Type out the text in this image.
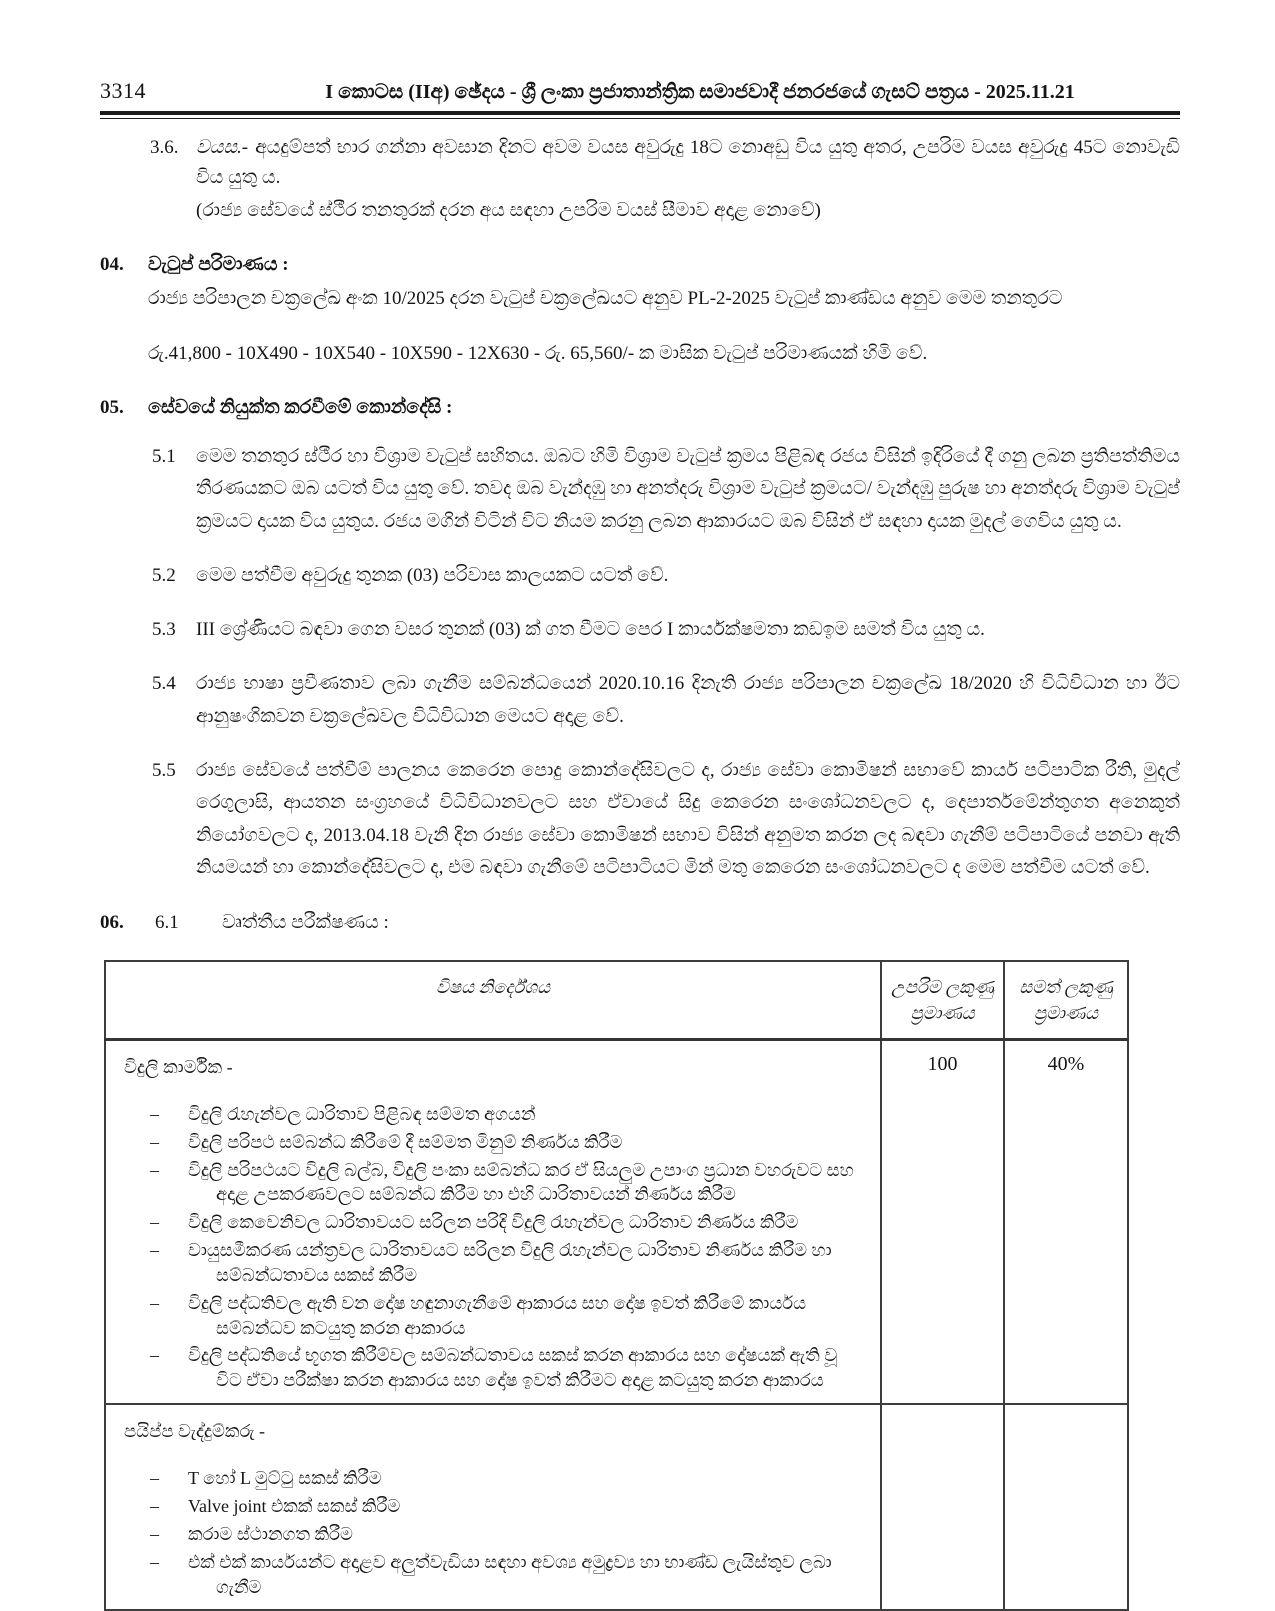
3314	I කොටස (IIඅ) ඡේදය - ශ්‍රී ලංකා ප්‍රජාතාන්ත්‍රික සමාජවාදී ජනරජයේ ගැසට් පත්‍රය - 2025.11.21
3.6. වයස.- අයදුම්පත් භාර ගන්නා අවසාන දිනට අවම වයස අවුරුදු 18ට නොඅඩු විය යුතු අතර, උපරිම වයස අවුරුදු 45ට නොවැඩි විය යුතු ය.
(රාජ්‍ය සේවයේ ස්ථීර තනතුරක් දරන අය සඳහා උපරිම වයස් සීමාව අදාළ නොවේ)
04.	වැටුප් පරිමාණය :
රාජ්‍ය පරිපාලන චක්‍රලේඛ අංක 10/2025 දරන වැටුප් චක්‍රලේඛයට අනුව PL-2-2025 වැටුප් කාණ්ඩය අනුව මෙම තනතුරට
රු.41,800 - 10X490 - 10X540 - 10X590 - 12X630 - රු. 65,560/- ක මාසික වැටුප් පරිමාණයක් හිමි වේ.
05.	සේවයේ නියුක්ත කරවීමේ කොන්දේසි :
5.1	මෙම තනතුර ස්ථීර හා විශ්‍රාම වැටුප් සහිතය. ඔබට හිමි විශ්‍රාම වැටුප් ක්‍රමය පිළිබඳ රජය විසින් ඉදිරියේ දී ගනු ලබන ප්‍රතිපත්තිමය තීරණයකට ඔබ යටත් විය යුතු වේ. තවද ඔබ වැන්දඹු හා අනත්දරු විශ්‍රාම වැටුප් ක්‍රමයට/ වැන්දඹු පුරුෂ හා අනත්දරු විශ්‍රාම වැටුප් ක්‍රමයට දායක විය යුතුය. රජය මගින් විටින් විට නියම කරනු ලබන ආකාරයට ඔබ විසින් ඒ සඳහා දායක මුදල් ගෙවිය යුතු ය.
5.2	මෙම පත්වීම අවුරුදු තුනක (03) පරිවාස කාලයකට යටත් වේ.
5.3	III ශ්‍රේණියට බඳවා ගෙන වසර තුනක් (03) ක් ගත වීමට පෙර I කාර්යක්ෂමතා කඩඉම සමත් විය යුතු ය.
5.4	රාජ්‍ය භාෂා ප්‍රවීණතාව ලබා ගැනීම සම්බන්ධයෙන් 2020.10.16 දිනැති රාජ්‍ය පරිපාලන චක්‍රලේඛ 18/2020 හි විධිවිධාන හා ඊට ආනුෂංගිකවන චක්‍රලේඛවල විධිවිධාන මෙයට අදාළ වේ.
5.5	රාජ්‍ය සේවයේ පත්වීම් පාලනය කෙරෙන පොදු කොන්දේසිවලට ද, රාජ්‍ය සේවා කොමිෂන් සභාවේ කාර්ය පටිපාටික රීති, මුදල් රෙගුලාසි, ආයතන සංග්‍රහයේ විධිවිධානවලට සහ ඒවායේ සිදු කෙරෙන සංශෝධනවලට ද, දෙපාර්තමේන්තුගත අනෙකුත් නියෝගවලට ද, 2013.04.18 වැනි දින රාජ්‍ය සේවා කොමිෂන් සභාව විසින් අනුමත කරන ලද බඳවා ගැනීම් පටිපාටියේ පනවා ඇති නියමයන් හා කොන්දේසිවලට ද, එම බඳවා ගැනීමේ පටිපාටියට මින් මතු කෙරෙන සංශෝධනවලට ද මෙම පත්වීම යටත් වේ.
06.	6.1	වෘත්තීය පරීක්ෂණය :
විෂය නිර්දේශය	උපරිම ලකුණු ප්‍රමාණය	සමත් ලකුණු ප්‍රමාණය

විදුලි කාර්මික -
–	විදුලි රැහැන්වල ධාරිතාව පිළිබඳ සම්මත අගයන්
–	විදුලි පරිපථ සම්බන්ධ කිරීමේ දී සම්මත මිනුම් නිර්ණය කිරීම
–	විදුලි පරිපථයට විදුලි බල්බ, විදුලි පංකා සම්බන්ධ කර ඒ සියලුම උපාංග ප්‍රධාන වහරුවට සහ අදාළ උපකරණවලට සම්බන්ධ කිරීම හා එහි ධාරිතාවයන් නිර්ණය කිරීම
–	විදුලි කෙවෙනිවල ධාරිතාවයට සරිලන පරිදි විදුලි රැහැන්වල ධාරිතාව නිර්ණය කිරීම
–	වායුසමීකරණ යන්ත්‍රවල ධාරිතාවයට සරිලන විදුලි රැහැන්වල ධාරිතාව නිර්ණය කිරීම හා සම්බන්ධතාවය සකස් කිරීම
–	විදුලි පද්ධතිවල ඇති වන දෝෂ හඳුනාගැනීමේ ආකාරය සහ දෝෂ ඉවත් කිරීමේ කාර්යය සම්බන්ධව කටයුතු කරන ආකාරය
–	විදුලි පද්ධතියේ භූගත කිරීම්වල සම්බන්ධතාවය සකස් කරන ආකාරය සහ දෝෂයක් ඇති වූ විට ඒවා පරීක්ෂා කරන ආකාරය සහ දෝෂ ඉවත් කිරීමට අදාළ කටයුතු කරන ආකාරය
	100	40%

පයිප්ප වැද්දුම්කරු -
–	T හෝ L මුට්ටු සකස් කිරීම
–	Valve joint එකක් සකස් කිරීම
–	කරාම ස්ථානගත කිරීම
–	එක් එක් කාර්යයන්ට අදාළව අලුත්වැඩියා සඳහා අවශ්‍ය අමුද්‍රව්‍ය හා භාණ්ඩ ලැයිස්තුව ලබා ගැනීම
